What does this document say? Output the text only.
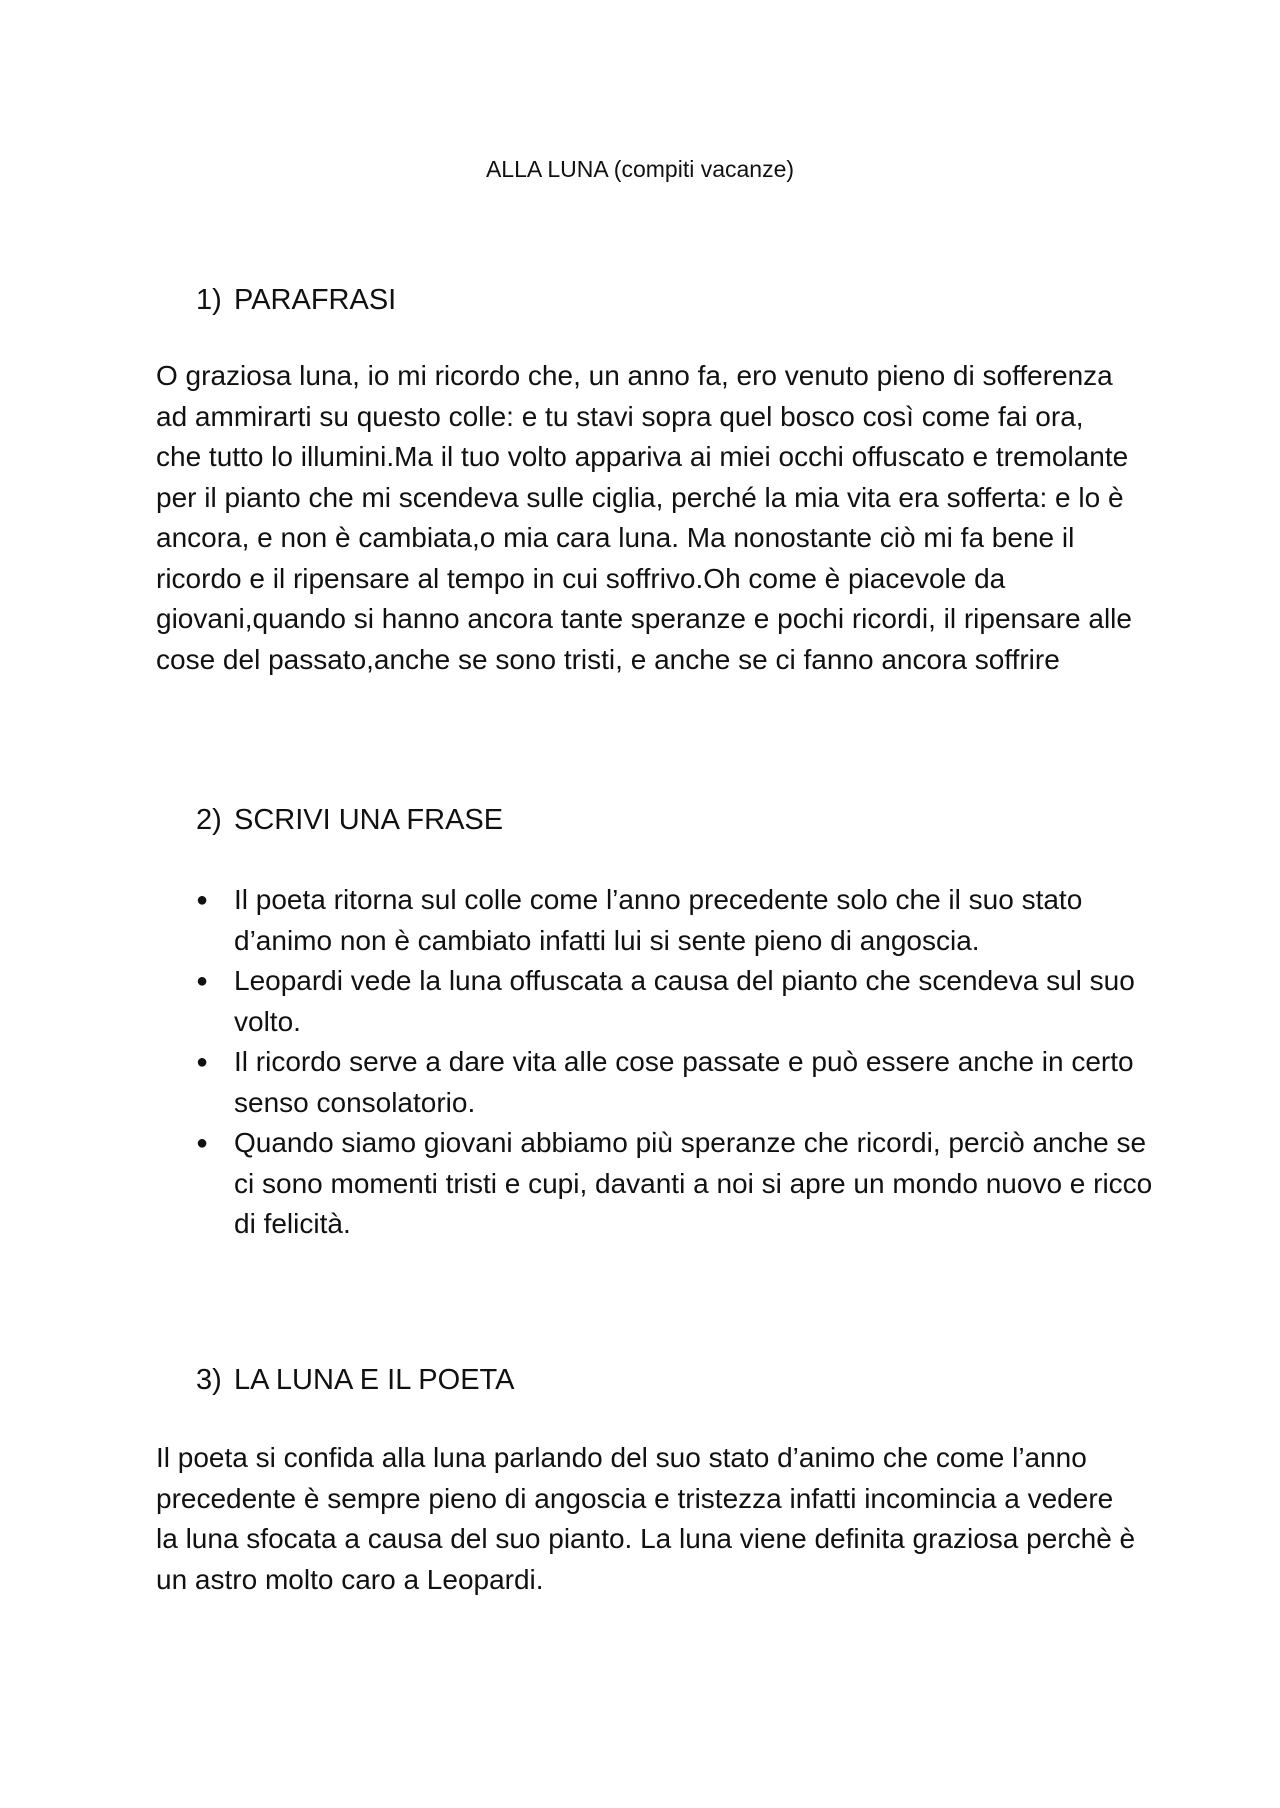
ALLA LUNA (compiti vacanze)
1) PARAFRASI

O graziosa luna, io mi ricordo che, un anno fa, ero venuto pieno di sofferenza ad ammirarti su questo colle: e tu stavi sopra quel bosco così come fai ora, che tutto lo illumini.Ma il tuo volto appariva ai miei occhi offuscato e tremolante per il pianto che mi scendeva sulle ciglia, perché la mia vita era sofferta: e lo è ancora, e non è cambiata,o mia cara luna. Ma nonostante ciò mi fa bene il ricordo e il ripensare al tempo in cui soffrivo.Oh come è piacevole da giovani,quando si hanno ancora tante speranze e pochi ricordi, il ripensare alle cose del passato,anche se sono tristi, e anche se ci fanno ancora soffrire

2) SCRIVI UNA FRASE
● Il poeta ritorna sul colle come l’anno precedente solo che il suo stato d’animo non è cambiato infatti lui si sente pieno di angoscia.
● Leopardi vede la luna offuscata a causa del pianto che scendeva sul suo volto.
● Il ricordo serve a dare vita alle cose passate e può essere anche in certo senso consolatorio.
● Quando siamo giovani abbiamo più speranze che ricordi, perciò anche se ci sono momenti tristi e cupi, davanti a noi si apre un mondo nuovo e ricco di felicità.
3) LA LUNA E IL POETA

Il poeta si confida alla luna parlando del suo stato d’animo che come l’anno precedente è sempre pieno di angoscia e tristezza infatti incomincia a vedere la luna sfocata a causa del suo pianto. La luna viene definita graziosa perchè è un astro molto caro a Leopardi.
